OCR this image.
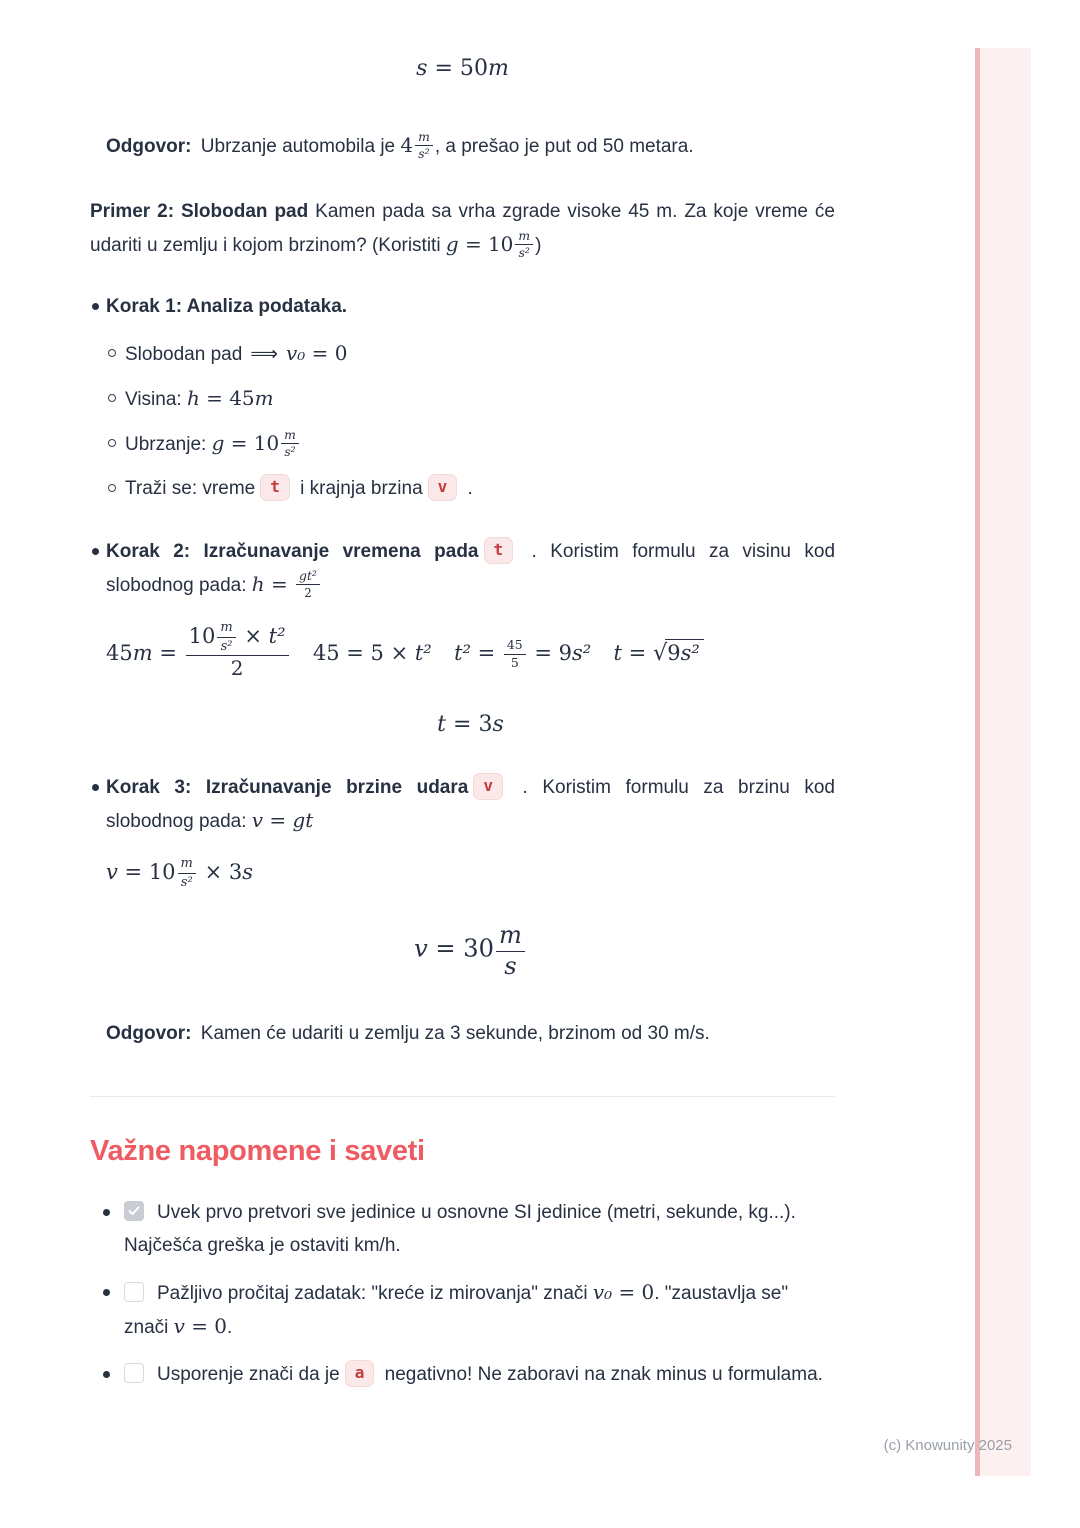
s = 50m

Odgovor: Ubrzanje automobila je $4 \frac{m}{\text{s²}}$ , a prešao je put od 50 metara.

Primer 2: Slobodan pad Kamen pada sa vrha zgrade visoke 45 m. Za koje vreme će udariti u zemlju i kojom brzinom? (Koristiti $g = 10 \frac{m}{\text{s²}}$ )

Korak 1: Analiza podataka.
Slobodan pad ⟹ v₀ = 0
Visina: h = 45m
Ubrzanje: $g = 10 \frac{m}{\text{s²}}$
Traži se: vreme t i krajnja brzina v .
Korak 2: Izračunavanje vremena pada t . Koristim formulu za visinu kod slobodnog pada: $h = \frac{\text{gt²}}{2}$
$45m = \frac{10 \frac{m}{\text{s²}} \times t^2}{2} 45 = 5 \times t^2$ $t^2 = \frac{45}{5} = 9s^2$ t = √9s²
t = 3s
Korak 3: Izračunavanje brzine udara v . Koristim formulu za brzinu kod slobodnog pada: v = gt
$v = 10 \frac{m}{\text{s²}} \times 3s$
$v = 30 \frac{m}{s}$

Odgovor: Kamen će udariti u zemlju za 3 sekunde, brzinom od 30 m/s.

Važne napomene i saveti
Uvek prvo pretvori sve jedinice u osnovne SI jedinice (metri, sekunde, kg...). Najčešća greška je ostaviti km/h.
Pažljivo pročitaj zadatak: "kreće iz mirovanja" znači v₀ = 0. "zaustavlja se" znači v = 0.
Usporenje znači da je a negativno! Ne zaboravi na znak minus u formulama.
(c) Knowunity 2025
